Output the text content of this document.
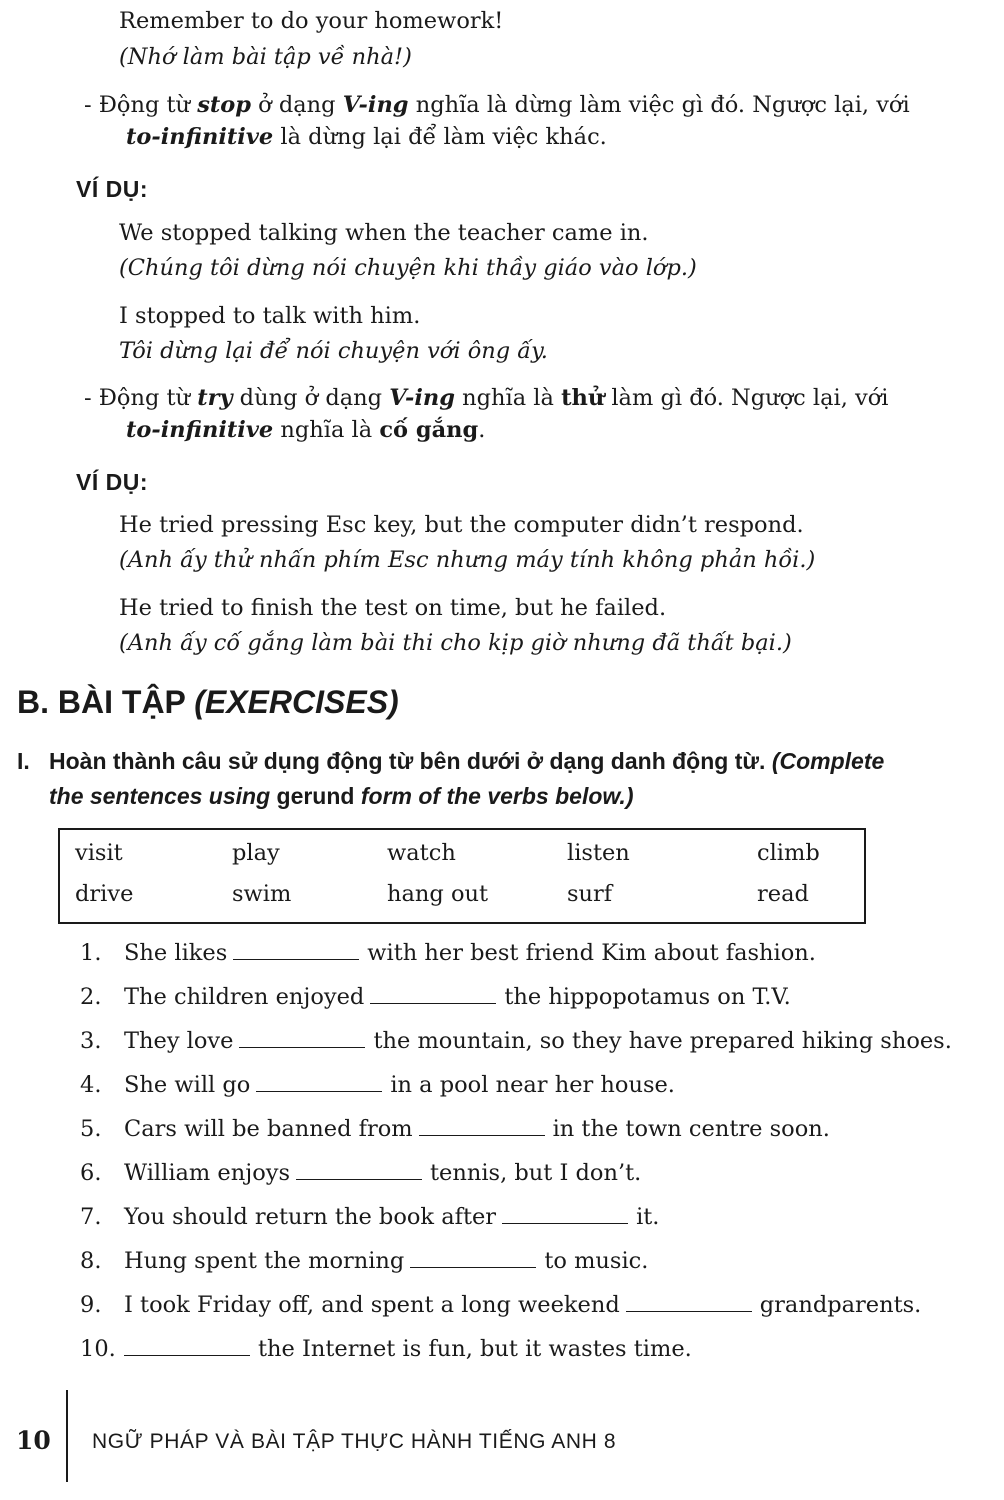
Remember to do your homework!
(Nhớ làm bài tập về nhà!)
- Động từ stop ở dạng V-ing nghĩa là dừng làm việc gì đó. Ngược lại, với
to-infinitive là dừng lại để làm việc khác.
VÍ DỤ:
We stopped talking when the teacher came in.
(Chúng tôi dừng nói chuyện khi thầy giáo vào lớp.)
I stopped to talk with him.
Tôi dừng lại để nói chuyện với ông ấy.
- Động từ try dùng ở dạng V-ing nghĩa là thử làm gì đó. Ngược lại, với
to-infinitive nghĩa là cố gắng.
VÍ DỤ:
He tried pressing Esc key, but the computer didn’t respond.
(Anh ấy thử nhấn phím Esc nhưng máy tính không phản hồi.)
He tried to finish the test on time, but he failed.
(Anh ấy cố gắng làm bài thi cho kịp giờ nhưng đã thất bại.)
B. BÀI TẬP (EXERCISES)
I. Hoàn thành câu sử dụng động từ bên dưới ở dạng danh động từ. (Complete
the sentences using gerund form of the verbs below.)
visit	play	watch	listen	climb
drive	swim	hang out	surf	read
1. She likes	with her best friend Kim about fashion.
2. The children enjoyed	the hippopotamus on T.V.
3. They love	the mountain, so they have prepared hiking shoes.
4. She will go	in a pool near her house.
5. Cars will be banned from	in the town centre soon.
6. William enjoys	tennis, but I don’t.
7. You should return the book after	it.
8. Hung spent the morning	to music.
9. I took Friday off, and spent a long weekend	grandparents.
10.	the Internet is fun, but it wastes time.
10 NGỮ PHÁP VÀ BÀI TẬP THỰC HÀNH TIẾNG ANH 8
